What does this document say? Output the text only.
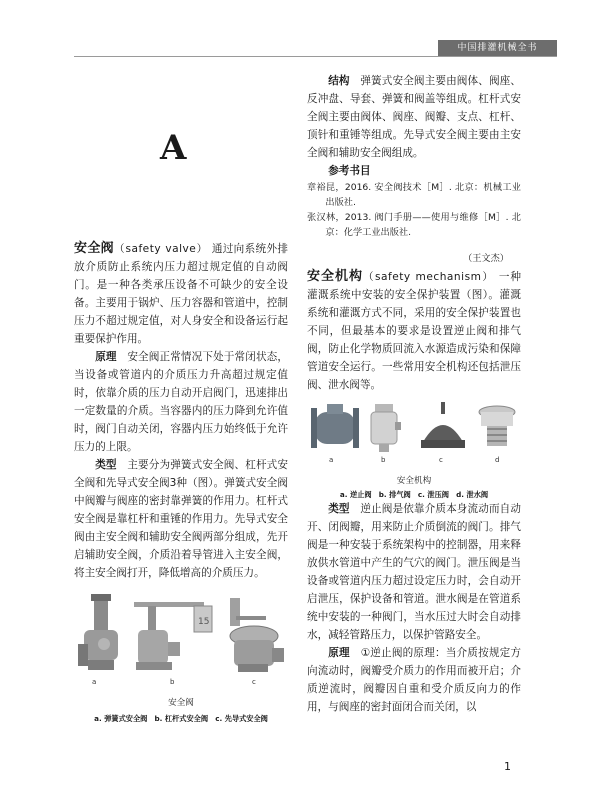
中国排灌机械全书
A

安全阀（safety valve） 通过向系统外排放介质防止系统内压力超过规定值的自动阀门。是一种各类承压设备不可缺少的安全设备。主要用于锅炉、压力容器和管道中，控制压力不超过规定值，对人身安全和设备运行起重要保护作用。

原理　 安全阀正常情况下处于常闭状态，当设备或管道内的介质压力升高超过规定值时，依靠介质的压力自动开启阀门，迅速排出一定数量的介质。当容器内的压力降到允许值时，阀门自动关闭，容器内压力始终低于允许压力的上限。

类型　 主要分为弹簧式安全阀、杠杆式安全阀和先导式安全阀3种（图）。弹簧式安全阀中阀瓣与阀座的密封靠弹簧的作用力。杠杆式安全阀是靠杠杆和重锤的作用力。先导式安全阀由主安全阀和辅助安全阀两部分组成，先开启辅助安全阀，介质沿着导管进入主安全阀，将主安全阀打开，降低增高的介质压力。

15
a	b	c
安全阀
a. 弹簧式安全阀　b. 杠杆式安全阀　c. 先导式安全阀

结构　 弹簧式安全阀主要由阀体、阀座、反冲盘、导套、弹簧和阀盖等组成。杠杆式安全阀主要由阀体、阀座、阀瓣、支点、杠杆、顶针和重锤等组成。先导式安全阀主要由主安全阀和辅助安全阀组成。

参考书目

章裕昆，2016. 安全阀技术［M］. 北京：机械工业出版社.

张汉林，2013. 阀门手册——使用与维修［M］. 北京：化学工业出版社.

（王文杰）

安全机构（safety mechanism） 一种灌溉系统中安装的安全保护装置（图）。灌溉系统和灌溉方式不同，采用的安全保护装置也不同，但最基本的要求是设置逆止阀和排气阀，防止化学物质回流入水源造成污染和保障管道安全运行。一些常用安全机构还包括泄压阀、泄水阀等。

a	b	c	d
安全机构
a. 逆止阀　b. 排气阀　c. 泄压阀　d. 泄水阀

类型　 逆止阀是依靠介质本身流动而自动开、闭阀瓣，用来防止介质倒流的阀门。排气阀是一种安装于系统架构中的控制器，用来释放供水管道中产生的气穴的阀门。泄压阀是当设备或管道内压力超过设定压力时，会自动开启泄压，保护设备和管道。泄水阀是在管道系统中安装的一种阀门，当水压过大时会自动排水，减轻管路压力，以保护管路安全。

原理　 ①逆止阀的原理：当介质按规定方向流动时，阀瓣受介质力的作用而被开启；介质逆流时，阀瓣因自重和受介质反向力的作用，与阀座的密封面闭合而关闭，以

1
